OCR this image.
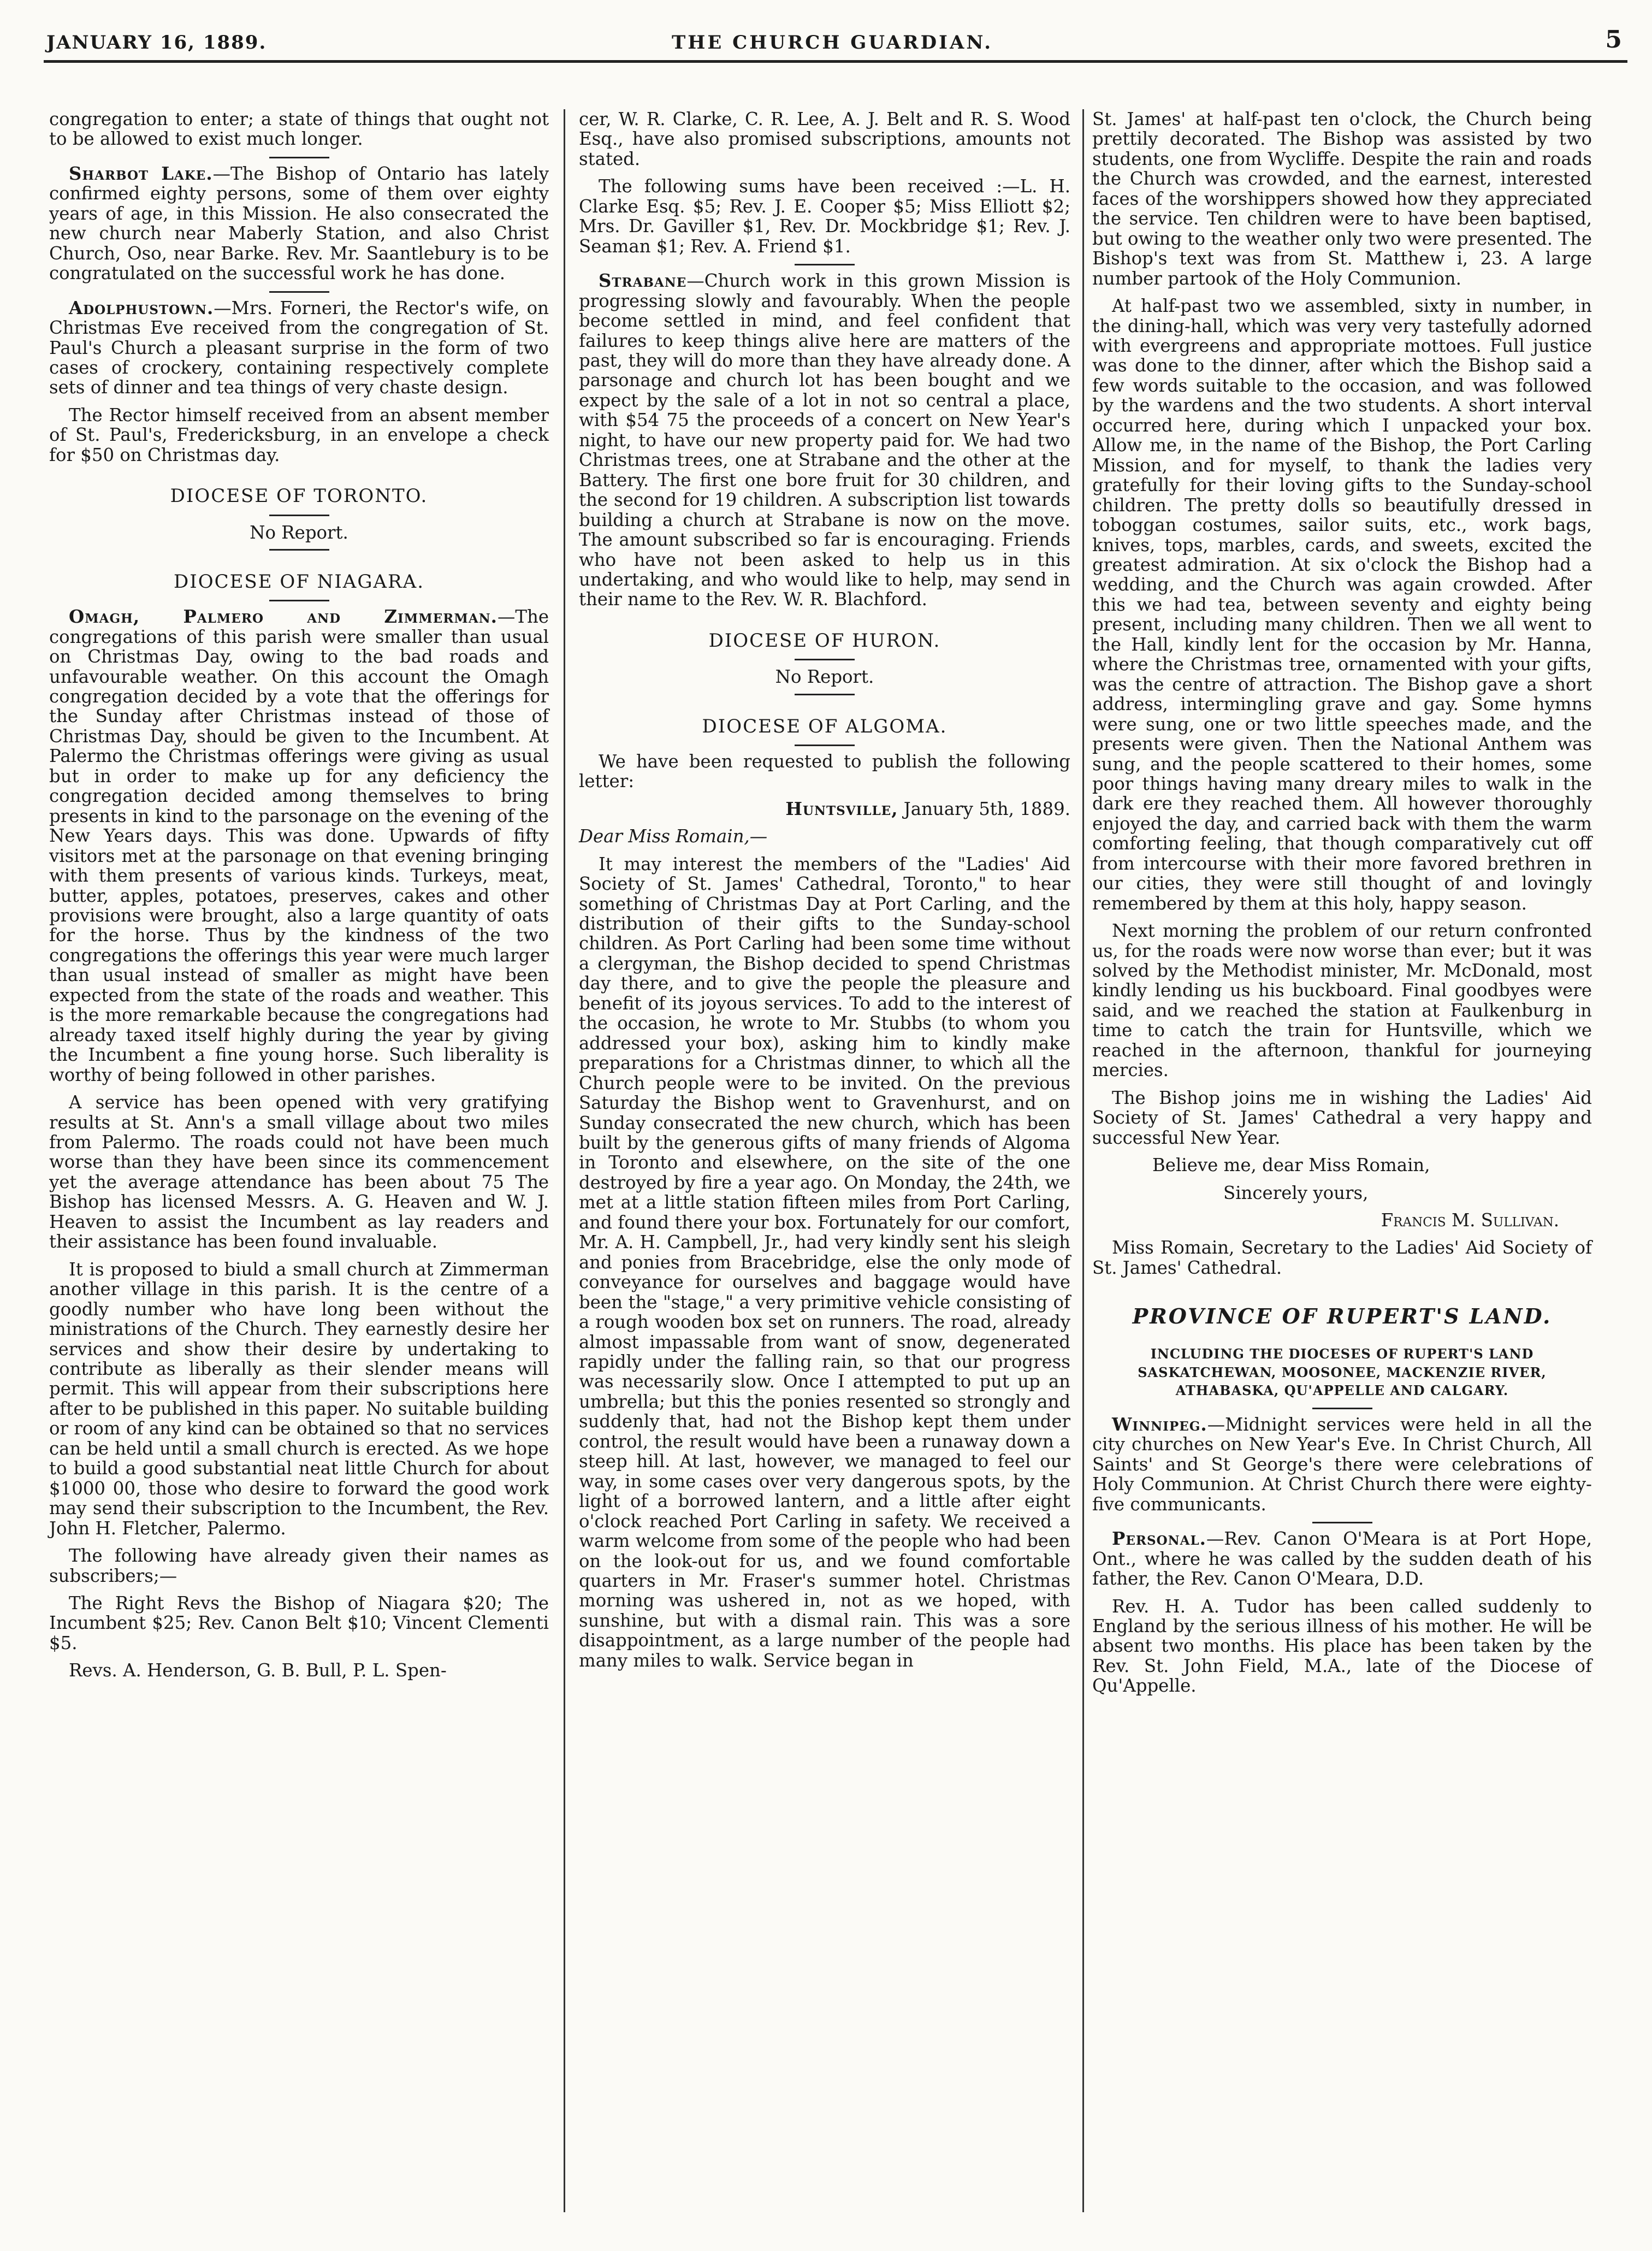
JANUARY 16, 1889.	THE CHURCH GUARDIAN.	5

congregation to enter; a state of things that ought not to be allowed to exist much longer.

Sharbot Lake.—The Bishop of Ontario has lately confirmed eighty persons, some of them over eighty years of age, in this Mission. He also consecrated the new church near Maberly Station, and also Christ Church, Oso, near Barke. Rev. Mr. Saantlebury is to be congratulated on the successful work he has done.

Adolphustown.—Mrs. Forneri, the Rector's wife, on Christmas Eve received from the congregation of St. Paul's Church a pleasant surprise in the form of two cases of crockery, containing respectively complete sets of dinner and tea things of very chaste design.

The Rector himself received from an absent member of St. Paul's, Fredericksburg, in an envelope a check for $50 on Christmas day.

DIOCESE OF TORONTO.

No Report.

DIOCESE OF NIAGARA.

Omagh, Palmero and Zimmerman.—The congregations of this parish were smaller than usual on Christmas Day, owing to the bad roads and unfavourable weather. On this account the Omagh congregation decided by a vote that the offerings for the Sunday after Christmas instead of those of Christmas Day, should be given to the Incumbent. At Palermo the Christmas offerings were giving as usual but in order to make up for any deficiency the congregation decided among themselves to bring presents in kind to the parsonage on the evening of the New Years days. This was done. Upwards of fifty visitors met at the parsonage on that evening bringing with them presents of various kinds. Turkeys, meat, butter, apples, potatoes, preserves, cakes and other provisions were brought, also a large quantity of oats for the horse. Thus by the kindness of the two congregations the offerings this year were much larger than usual instead of smaller as might have been expected from the state of the roads and weather. This is the more remarkable because the congregations had already taxed itself highly during the year by giving the Incumbent a fine young horse. Such liberality is worthy of being followed in other parishes.

A service has been opened with very gratifying results at St. Ann's a small village about two miles from Palermo. The roads could not have been much worse than they have been since its commencement yet the average attendance has been about 75 The Bishop has licensed Messrs. A. G. Heaven and W. J. Heaven to assist the Incumbent as lay readers and their assistance has been found invaluable.

It is proposed to biuld a small church at Zimmerman another village in this parish. It is the centre of a goodly number who have long been without the ministrations of the Church. They earnestly desire her services and show their desire by undertaking to contribute as liberally as their slender means will permit. This will appear from their subscriptions here after to be published in this paper. No suitable building or room of any kind can be obtained so that no services can be held until a small church is erected. As we hope to build a good substantial neat little Church for about $1000 00, those who desire to forward the good work may send their subscription to the Incumbent, the Rev. John H. Fletcher, Palermo.

The following have already given their names as subscribers;—

The Right Revs the Bishop of Niagara $20; The Incumbent $25; Rev. Canon Belt $10; Vincent Clementi $5.

Revs. A. Henderson, G. B. Bull, P. L. Spen-

cer, W. R. Clarke, C. R. Lee, A. J. Belt and R. S. Wood Esq., have also promised subscriptions, amounts not stated.

The following sums have been received :—L. H. Clarke Esq. $5; Rev. J. E. Cooper $5; Miss Elliott $2; Mrs. Dr. Gaviller $1, Rev. Dr. Mockbridge $1; Rev. J. Seaman $1; Rev. A. Friend $1.

Strabane—Church work in this grown Mission is progressing slowly and favourably. When the people become settled in mind, and feel confident that failures to keep things alive here are matters of the past, they will do more than they have already done. A parsonage and church lot has been bought and we expect by the sale of a lot in not so central a place, with $54 75 the proceeds of a concert on New Year's night, to have our new property paid for. We had two Christmas trees, one at Strabane and the other at the Battery. The first one bore fruit for 30 children, and the second for 19 children. A subscription list towards building a church at Strabane is now on the move. The amount subscribed so far is encouraging. Friends who have not been asked to help us in this undertaking, and who would like to help, may send in their name to the Rev. W. R. Blachford.

DIOCESE OF HURON.

No Report.

DIOCESE OF ALGOMA.

We have been requested to publish the following letter:

Huntsville, January 5th, 1889.

Dear Miss Romain,—

It may interest the members of the "Ladies' Aid Society of St. James' Cathedral, Toronto," to hear something of Christmas Day at Port Carling, and the distribution of their gifts to the Sunday-school children. As Port Carling had been some time without a clergyman, the Bishop decided to spend Christmas day there, and to give the people the pleasure and benefit of its joyous services. To add to the interest of the occasion, he wrote to Mr. Stubbs (to whom you addressed your box), asking him to kindly make preparations for a Christmas dinner, to which all the Church people were to be invited. On the previous Saturday the Bishop went to Gravenhurst, and on Sunday consecrated the new church, which has been built by the generous gifts of many friends of Algoma in Toronto and elsewhere, on the site of the one destroyed by fire a year ago. On Monday, the 24th, we met at a little station fifteen miles from Port Carling, and found there your box. Fortunately for our comfort, Mr. A. H. Campbell, Jr., had very kindly sent his sleigh and ponies from Bracebridge, else the only mode of conveyance for ourselves and baggage would have been the "stage," a very primitive vehicle consisting of a rough wooden box set on runners. The road, already almost impassable from want of snow, degenerated rapidly under the falling rain, so that our progress was necessarily slow. Once I attempted to put up an umbrella; but this the ponies resented so strongly and suddenly that, had not the Bishop kept them under control, the result would have been a runaway down a steep hill. At last, however, we managed to feel our way, in some cases over very dangerous spots, by the light of a borrowed lantern, and a little after eight o'clock reached Port Carling in safety. We received a warm welcome from some of the people who had been on the look-out for us, and we found comfortable quarters in Mr. Fraser's summer hotel. Christmas morning was ushered in, not as we hoped, with sunshine, but with a dismal rain. This was a sore disappointment, as a large number of the people had many miles to walk. Service began in

St. James' at half-past ten o'clock, the Church being prettily decorated. The Bishop was assisted by two students, one from Wycliffe. Despite the rain and roads the Church was crowded, and the earnest, interested faces of the worshippers showed how they appreciated the service. Ten children were to have been baptised, but owing to the weather only two were presented. The Bishop's text was from St. Matthew i, 23. A large number partook of the Holy Communion.

At half-past two we assembled, sixty in number, in the dining-hall, which was very very tastefully adorned with evergreens and appropriate mottoes. Full justice was done to the dinner, after which the Bishop said a few words suitable to the occasion, and was followed by the wardens and the two students. A short interval occurred here, during which I unpacked your box. Allow me, in the name of the Bishop, the Port Carling Mission, and for myself, to thank the ladies very gratefully for their loving gifts to the Sunday-school children. The pretty dolls so beautifully dressed in toboggan costumes, sailor suits, etc., work bags, knives, tops, marbles, cards, and sweets, excited the greatest admiration. At six o'clock the Bishop had a wedding, and the Church was again crowded. After this we had tea, between seventy and eighty being present, including many children. Then we all went to the Hall, kindly lent for the occasion by Mr. Hanna, where the Christmas tree, ornamented with your gifts, was the centre of attraction. The Bishop gave a short address, intermingling grave and gay. Some hymns were sung, one or two little speeches made, and the presents were given. Then the National Anthem was sung, and the people scattered to their homes, some poor things having many dreary miles to walk in the dark ere they reached them. All however thoroughly enjoyed the day, and carried back with them the warm comforting feeling, that though comparatively cut off from intercourse with their more favored brethren in our cities, they were still thought of and lovingly remembered by them at this holy, happy season.

Next morning the problem of our return confronted us, for the roads were now worse than ever; but it was solved by the Methodist minister, Mr. McDonald, most kindly lending us his buckboard. Final goodbyes were said, and we reached the station at Faulkenburg in time to catch the train for Huntsville, which we reached in the afternoon, thankful for journeying mercies.

The Bishop joins me in wishing the Ladies' Aid Society of St. James' Cathedral a very happy and successful New Year.

Believe me, dear Miss Romain,

Sincerely yours,

Francis M. Sullivan.

Miss Romain, Secretary to the Ladies' Aid Society of St. James' Cathedral.

PROVINCE OF RUPERT'S LAND.

INCLUDING THE DIOCESES OF RUPERT'S LAND SASKATCHEWAN, MOOSONEE, MACKENZIE RIVER, ATHABASKA, QU'APPELLE AND CALGARY.

Winnipeg.—Midnight services were held in all the city churches on New Year's Eve. In Christ Church, All Saints' and St George's there were celebrations of Holy Communion. At Christ Church there were eighty-five communicants.

Personal.—Rev. Canon O'Meara is at Port Hope, Ont., where he was called by the sudden death of his father, the Rev. Canon O'Meara, D.D.

Rev. H. A. Tudor has been called suddenly to England by the serious illness of his mother. He will be absent two months. His place has been taken by the Rev. St. John Field, M.A., late of the Diocese of Qu'Appelle.
